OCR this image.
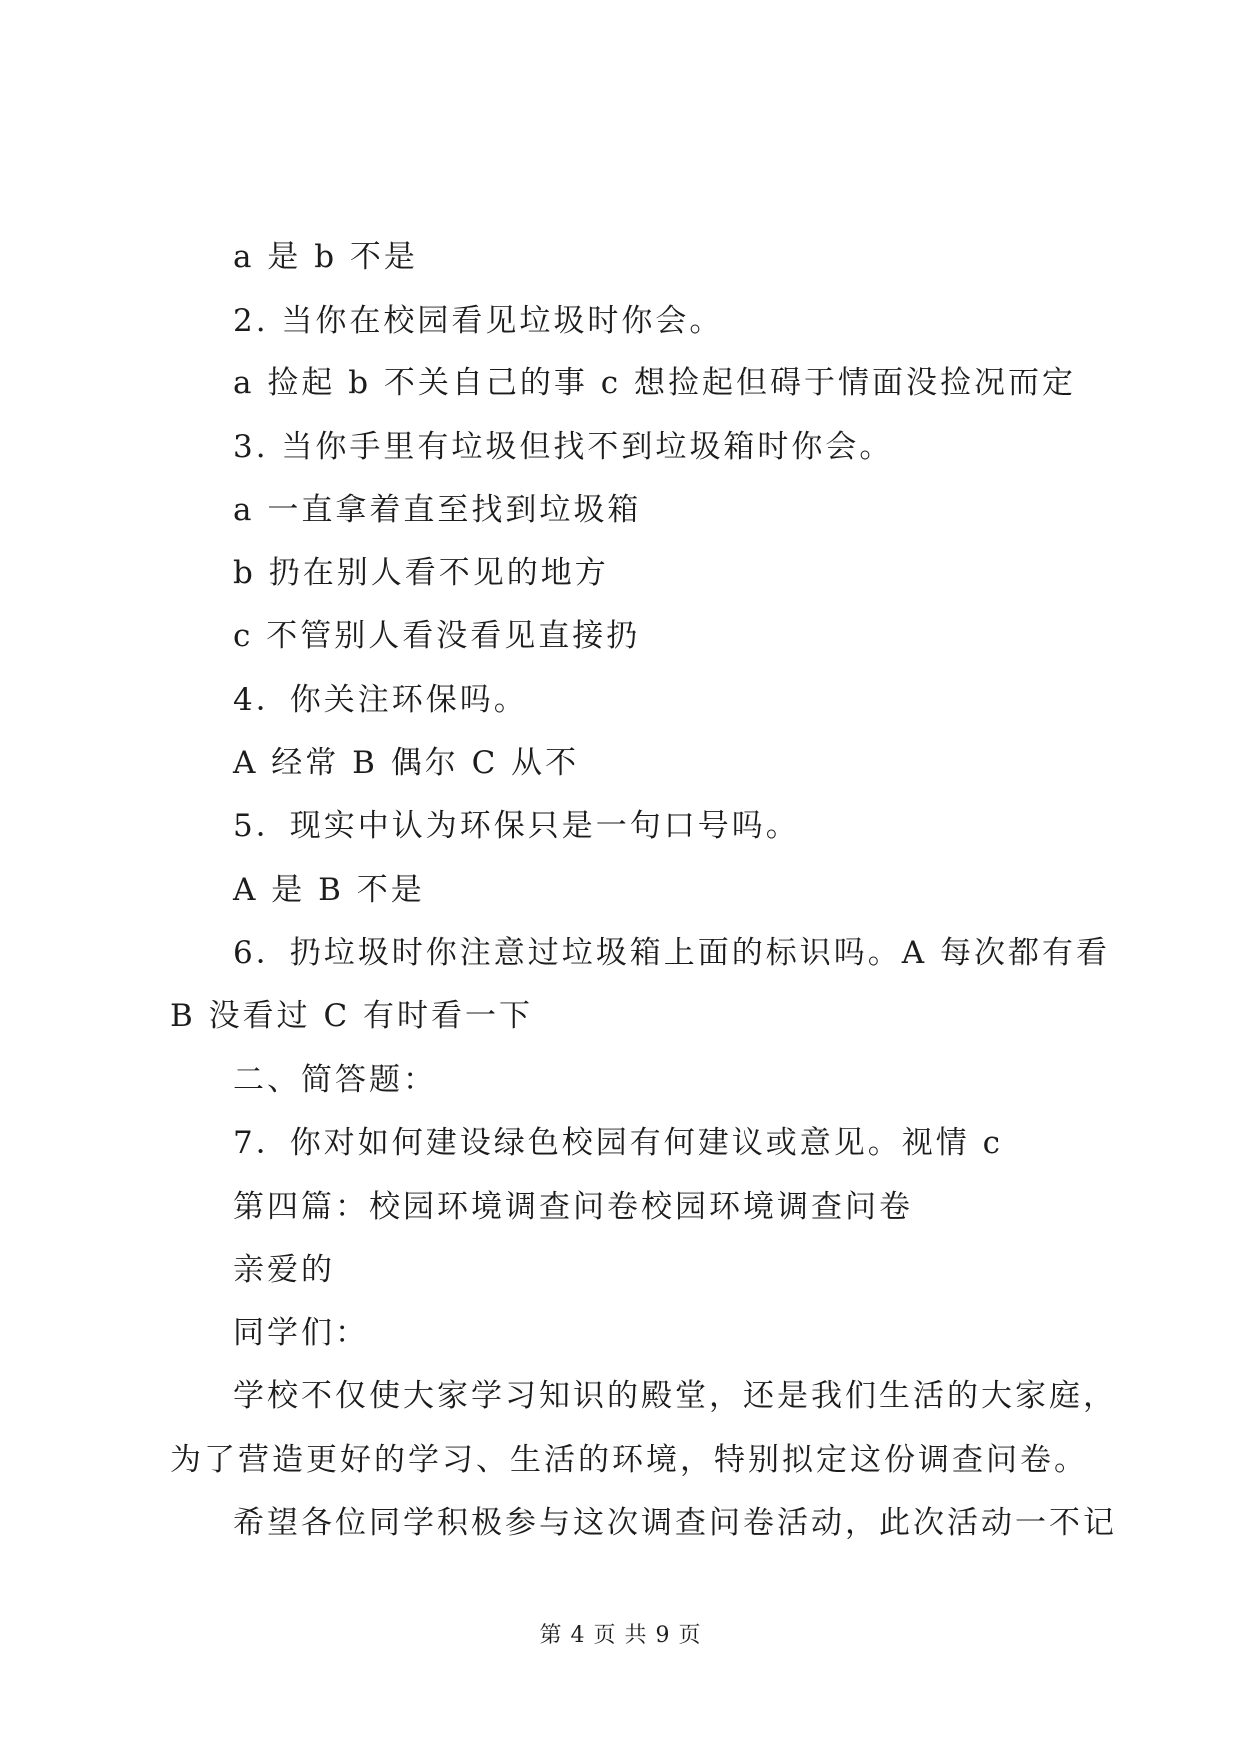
a 是 b 不是

2. 当你在校园看见垃圾时你会。

a 捡起 b 不关自己的事 c 想捡起但碍于情面没捡况而定

3. 当你手里有垃圾但找不到垃圾箱时你会。

a 一直拿着直至找到垃圾箱

b 扔在别人看不见的地方

c 不管别人看没看见直接扔

4．你关注环保吗。

A 经常 B 偶尔 C 从不

5．现实中认为环保只是一句口号吗。

A 是 B 不是

6．扔垃圾时你注意过垃圾箱上面的标识吗。A 每次都有看

B 没看过 C 有时看一下

二、简答题：

7．你对如何建设绿色校园有何建议或意见。视情 c

第四篇：校园环境调查问卷校园环境调查问卷

亲爱的

同学们：

学校不仅使大家学习知识的殿堂，还是我们生活的大家庭，

为了营造更好的学习、生活的环境，特别拟定这份调查问卷。

希望各位同学积极参与这次调查问卷活动，此次活动一不记

第 4 页 共 9 页
